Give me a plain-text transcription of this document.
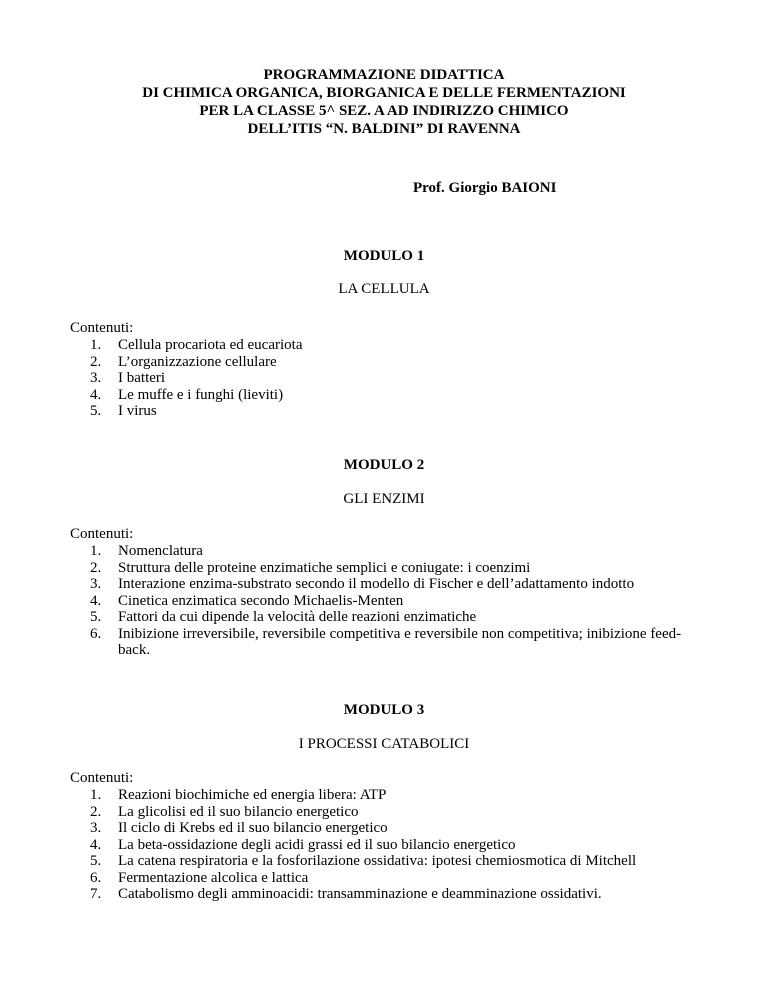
PROGRAMMAZIONE DIDATTICA
DI CHIMICA ORGANICA, BIORGANICA E DELLE FERMENTAZIONI
PER LA CLASSE 5^ SEZ. A AD INDIRIZZO CHIMICO
DELL’ITIS “N. BALDINI” DI RAVENNA
Prof. Giorgio BAIONI
MODULO 1
LA CELLULA
Contenuti:
1. Cellula procariota ed eucariota
2. L’organizzazione cellulare
3. I batteri
4. Le muffe e i funghi (lieviti)
5. I virus
MODULO 2
GLI ENZIMI
Contenuti:
1. Nomenclatura
2. Struttura delle proteine enzimatiche semplici e coniugate: i coenzimi
3. Interazione enzima-substrato secondo il modello di Fischer e dell’adattamento indotto
4. Cinetica enzimatica secondo Michaelis-Menten
5. Fattori da cui dipende la velocità delle reazioni enzimatiche
6. Inibizione irreversibile, reversibile competitiva e reversibile non competitiva; inibizione feed-back.
MODULO 3
I PROCESSI CATABOLICI
Contenuti:
1. Reazioni biochimiche ed energia libera: ATP
2. La glicolisi ed il suo bilancio energetico
3. Il ciclo di Krebs ed il suo bilancio energetico
4. La beta-ossidazione degli acidi grassi ed il suo bilancio energetico
5. La catena respiratoria e la fosforilazione ossidativa: ipotesi chemiosmotica di Mitchell
6. Fermentazione alcolica e lattica
7. Catabolismo degli amminoacidi: transamminazione e deamminazione ossidativi.
